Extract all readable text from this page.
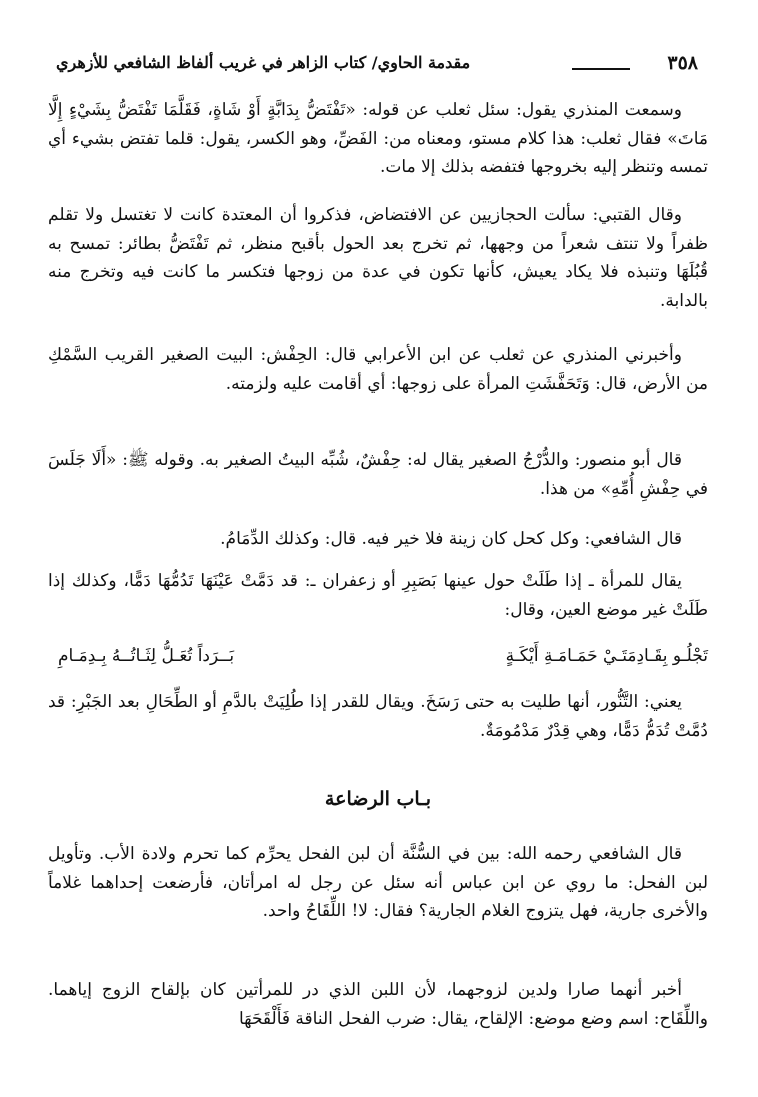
٣٥٨
مقدمة الحاوي/ كتاب الزاهر في غريب ألفاظ الشافعي للأزهري

وسمعت المنذري يقول: سئل ثعلب عن قوله: «تَفْتَضُّ بِدَابَّةٍ أَوْ شَاةٍ، فَقَلَّمَا تَفْتَضُّ بِشَيْءٍ إِلَّا مَاتَ» فقال ثعلب: هذا كلام مستو، ومعناه من: الفَضِّ، وهو الكسر، يقول: قلما تفتض بشيء أي تمسه وتنظر إليه بخروجها فتفضه بذلك إلا مات.

وقال القتبي: سألت الحجازيين عن الافتضاض، فذكروا أن المعتدة كانت لا تغتسل ولا تقلم ظفراً ولا تنتف شعراً من وجهها، ثم تخرج بعد الحول بأقبح منظر، ثم تَفْتَضُّ بطائر: تمسح به قُبُلَهَا وتنبذه فلا يكاد يعيش، كأنها تكون في عدة من زوجها فتكسر ما كانت فيه وتخرج منه بالدابة.

وأخبرني المنذري عن ثعلب عن ابن الأعرابي قال: الحِفْش: البيت الصغير القريب السَّمْكِ من الأرض، قال: وَتَحَفَّشَتِ المرأة على زوجها: أي أقامت عليه ولزمته.

قال أبو منصور: والدُّرْجُ الصغير يقال له: حِفْشٌ، شُبِّه البيتُ الصغير به. وقوله ﷺ: «أَلَا جَلَسَ في حِفْشِ أُمِّهِ» من هذا.

قال الشافعي: وكل كحل كان زينة فلا خير فيه. قال: وكذلك الدِّمَامُ.

يقال للمرأة ـ إذا طَلَتْ حول عينها بَصَبِرِ أو زعفران ـ: قد دَمَّتْ عَيْنَهَا تَدُمُّهَا دَمًّا، وكذلك إذا طَلَتْ غير موضع العين، وقال:

تَجْلُـو بِقَـادِمَتَـيْ حَمَـامَـةِ أَيْكَـةٍ
بَــرَداً تُعَـلُّ لِثَـاتُــهُ بِـدِمَـامِ

يعني: التَّنُّور، أنها طليت به حتى رَسَخَ. ويقال للقدر إذا طُلِيَتْ بالدَّمِ أو الطِّحَالِ بعد الجَبْرِ: قد دُمَّتْ تُدَمُّ دَمًّا، وهي قِدْرٌ مَدْمُومَةٌ.

بـاب الرضاعة

قال الشافعي رحمه الله: بين في السُّنَّة أن لبن الفحل يحرِّم كما تحرم ولادة الأب. وتأويل لبن الفحل: ما روي عن ابن عباس أنه سئل عن رجل له امرأتان، فأرضعت إحداهما غلاماً والأخرى جارية، فهل يتزوج الغلام الجارية؟ فقال: لا! اللِّقَاحُ واحد.

أخبر أنهما صارا ولدين لزوجهما، لأن اللبن الذي در للمرأتين كان بإلقاح الزوج إياهما. واللِّقَاح: اسم وضع موضع: الإلقاح، يقال: ضرب الفحل الناقة فَأَلْقَحَهَا
